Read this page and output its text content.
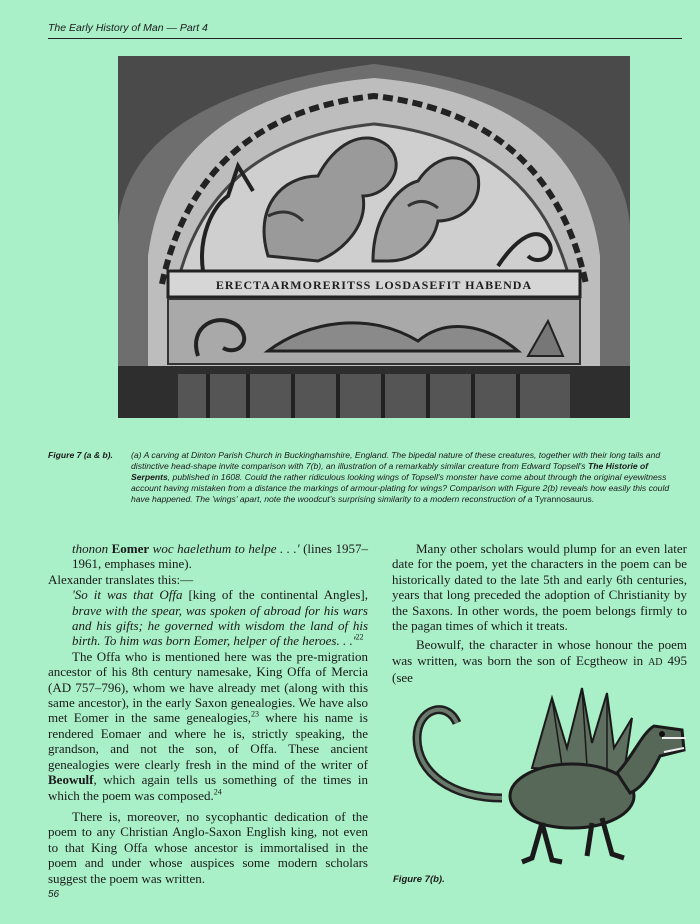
The Early History of Man — Part 4
ERECTAARMORERITSS LOSDASEFIT HABENDA
Figure 7 (a & b). (a) A carving at Dinton Parish Church in Buckinghamshire, England. The bipedal nature of these creatures, together with their long tails and distinctive head-shape invite comparison with 7(b), an illustration of a remarkably similar creature from Edward Topsell's The Historie of Serpents, published in 1608. Could the rather ridiculous looking wings of Topsell's monster have come about through the original eyewitness account having mistaken from a distance the markings of armour-plating for wings? Comparison with Figure 2(b) reveals how easily this could have happened. The 'wings' apart, note the woodcut's surprising similarity to a modern reconstruction of a Tyrannosaurus.

thonon Eomer woc haelethum to helpe . . .' (lines 1957–1961, emphases mine).

Alexander translates this:—

'So it was that Offa [king of the continental Angles], brave with the spear, was spoken of abroad for his wars and his gifts; he governed with wisdom the land of his birth. To him was born Eomer, helper of the heroes. . $.'^{22}$

The Offa who is mentioned here was the pre-migration ancestor of his 8th century namesake, King Offa of Mercia (AD 757–796), whom we have already met (along with this same ancestor), in the early Saxon genealogies. We have also met Eomer in the same genealogies,$^{23}$ where his name is rendered Eomaer and where he is, strictly speaking, the grandson, and not the son, of Offa. These ancient genealogies were clearly fresh in the mind of the writer of Beowulf, which again tells us something of the times in which the poem was composed.$^{24}$

There is, moreover, no sycophantic dedication of the poem to any Christian Anglo-Saxon English king, not even to that King Offa whose ancestor is immortalised in the poem and under whose auspices some modern scholars suggest the poem was written.

Many other scholars would plump for an even later date for the poem, yet the characters in the poem can be historically dated to the late 5th and early 6th centuries, years that long preceded the adoption of Christianity by the Saxons. In other words, the poem belongs firmly to the pagan times of which it treats.

Beowulf, the character in whose honour the poem was written, was born the son of Ecgtheow in AD 495 (see

Figure 7(b).
56
